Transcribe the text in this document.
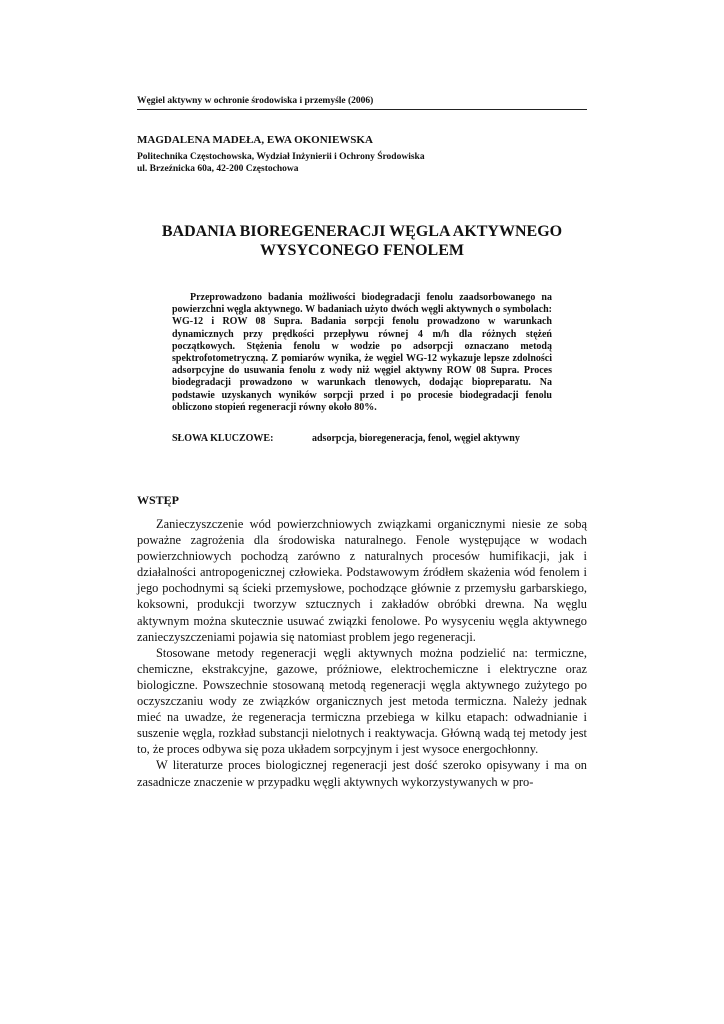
Węgiel aktywny w ochronie środowiska i przemyśle (2006)
MAGDALENA MADEŁA, EWA OKONIEWSKA
Politechnika Częstochowska, Wydział Inżynierii i Ochrony Środowiska
ul. Brzeźnicka 60a, 42-200 Częstochowa
BADANIA BIOREGENERACJI WĘGLA AKTYWNEGO
WYSYCONEGO FENOLEM

Przeprowadzono badania możliwości biodegradacji fenolu zaadsorbowanego na powierzchni węgla aktywnego. W badaniach użyto dwóch węgli aktywnych o symbolach: WG-12 i ROW 08 Supra. Badania sorpcji fenolu prowadzono w warunkach dynamicznych przy prędkości przepływu równej 4 m/h dla różnych stężeń początkowych. Stężenia fenolu w wodzie po adsorpcji oznaczano metodą spektrofotometryczną. Z pomiarów wynika, że węgiel WG-12 wykazuje lepsze zdolności adsorpcyjne do usuwania fenolu z wody niż węgiel aktywny ROW 08 Supra. Proces biodegradacji prowadzono w warunkach tlenowych, dodając biopreparatu. Na podstawie uzyskanych wyników sorpcji przed i po procesie biodegradacji fenolu obliczono stopień regeneracji równy około 80%.

SŁOWA KLUCZOWE:	adsorpcja, bioregeneracja, fenol, węgiel aktywny
WSTĘP

Zanieczyszczenie wód powierzchniowych związkami organicznymi niesie ze sobą poważne zagrożenia dla środowiska naturalnego. Fenole występujące w wodach powierzchniowych pochodzą zarówno z naturalnych procesów humifikacji, jak i działalności antropogenicznej człowieka. Podstawowym źródłem skażenia wód fenolem i jego pochodnymi są ścieki przemysłowe, pochodzące głównie z przemysłu garbarskiego, koksowni, produkcji tworzyw sztucznych i zakładów obróbki drewna. Na węglu aktywnym można skutecznie usuwać związki fenolowe. Po wysyceniu węgla aktywnego zanieczyszczeniami pojawia się natomiast problem jego regeneracji.

Stosowane metody regeneracji węgli aktywnych można podzielić na: termiczne, chemiczne, ekstrakcyjne, gazowe, próżniowe, elektrochemiczne i elektryczne oraz biologiczne. Powszechnie stosowaną metodą regeneracji węgla aktywnego zużytego po oczyszczaniu wody ze związków organicznych jest metoda termiczna. Należy jednak mieć na uwadze, że regeneracja termiczna przebiega w kilku etapach: odwadnianie i suszenie węgla, rozkład substancji nielotnych i reaktywacja. Główną wadą tej metody jest to, że proces odbywa się poza układem sorpcyjnym i jest wysoce energochłonny.

W literaturze proces biologicznej regeneracji jest dość szeroko opisywany i ma on zasadnicze znaczenie w przypadku węgli aktywnych wykorzystywanych w pro-
